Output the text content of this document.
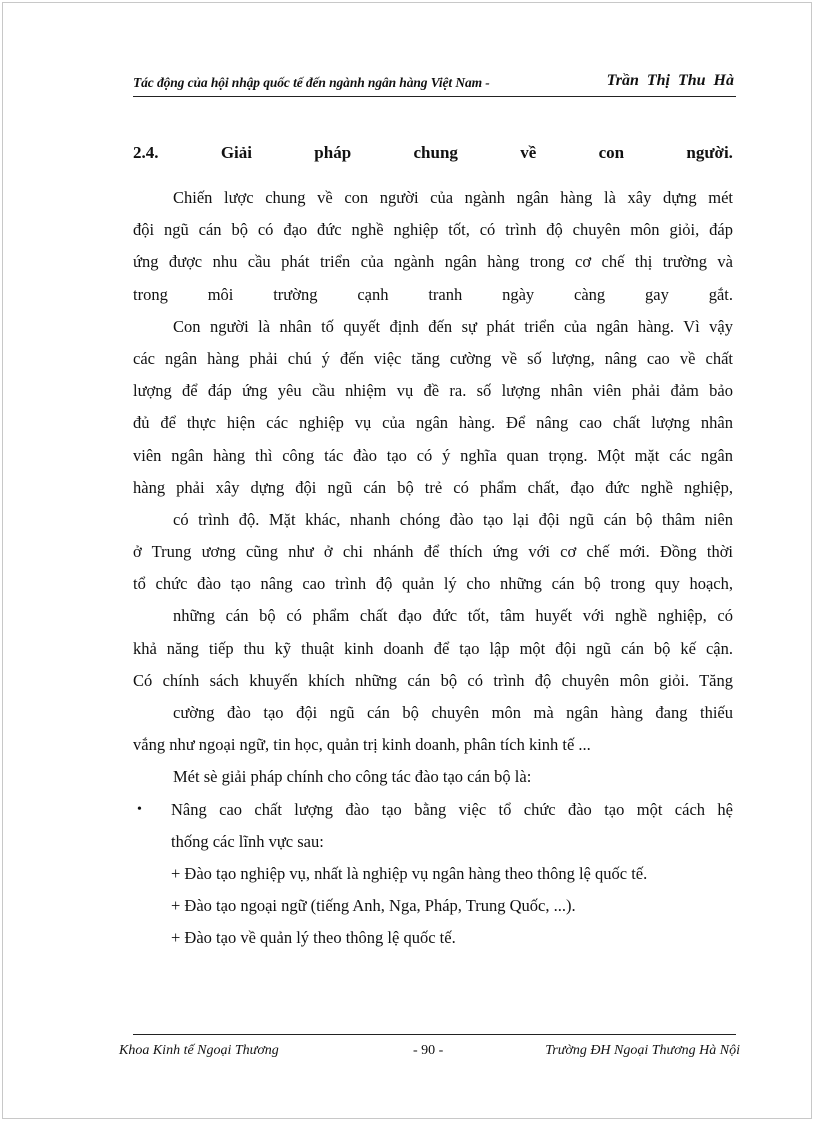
Tác động của hội nhập quốc tế đến ngành ngân hàng Việt Nam -	Trần Thị Thu Hà
2.4.	Giải	pháp	chung	về	con	người.
Chiến lược chung về con người của ngành ngân hàng là xây dựng mét
đội ngũ cán bộ có đạo đức nghề nghiệp tốt, có trình độ chuyên môn giỏi, đáp
ứng được nhu cầu phát triển của ngành ngân hàng trong cơ chế thị trường và
trong môi trường cạnh tranh ngày càng gay gắt.
Con người là nhân tố quyết định đến sự phát triển của ngân hàng. Vì vậy
các ngân hàng phải chú ý đến việc tăng cường về số lượng, nâng cao về chất
lượng để đáp ứng yêu cầu nhiệm vụ đề ra. số lượng nhân viên phải đảm bảo
đủ để thực hiện các nghiệp vụ của ngân hàng. Để nâng cao chất lượng nhân
viên ngân hàng thì công tác đào tạo có ý nghĩa quan trọng. Một mặt các ngân
hàng phải xây dựng đội ngũ cán bộ trẻ có phẩm chất, đạo đức nghề nghiệp,
có trình độ. Mặt khác, nhanh chóng đào tạo lại đội ngũ cán bộ thâm niên
ở Trung ương cũng như ở chi nhánh để thích ứng với cơ chế mới. Đồng thời
tổ chức đào tạo nâng cao trình độ quản lý cho những cán bộ trong quy hoạch,
những cán bộ có phẩm chất đạo đức tốt, tâm huyết với nghề nghiệp, có
khả năng tiếp thu kỹ thuật kinh doanh để tạo lập một đội ngũ cán bộ kế cận.
Có chính sách khuyến khích những cán bộ có trình độ chuyên môn giỏi. Tăng
cường đào tạo đội ngũ cán bộ chuyên môn mà ngân hàng đang thiếu
vắng như ngoại ngữ, tin học, quản trị kinh doanh, phân tích kinh tế ...
Mét sè giải pháp chính cho công tác đào tạo cán bộ là:
• Nâng cao chất lượng đào tạo bằng việc tổ chức đào tạo một cách hệ
thống các lĩnh vực sau:
+ Đào tạo nghiệp vụ, nhất là nghiệp vụ ngân hàng theo thông lệ quốc tế.
+ Đào tạo ngoại ngữ (tiếng Anh, Nga, Pháp, Trung Quốc, ...).
+ Đào tạo về quản lý theo thông lệ quốc tế.
Khoa Kinh tế Ngoại Thương	- 90 -	Trường ĐH Ngoại Thương Hà Nội
